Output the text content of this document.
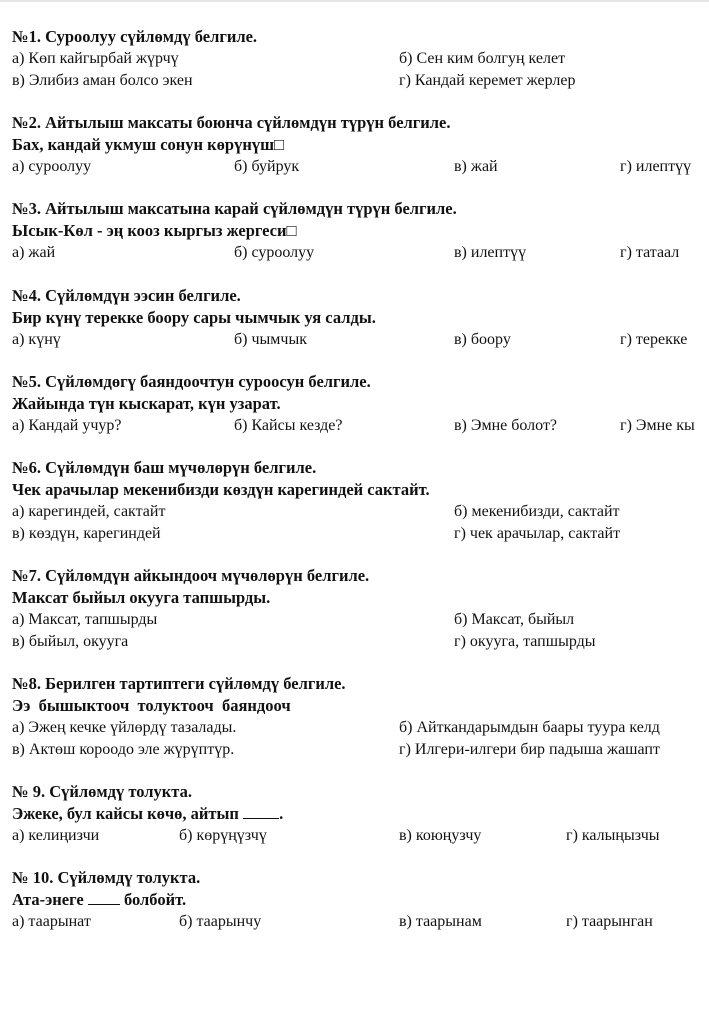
№1. Суроолуу сүйлөмдү белгиле.
а) Көп кайгырбай жүрчү	б) Сен ким болгуң келет
в) Элибиз аман болсо экен	г) Кандай керемет жерлер
№2. Айтылыш максаты боюнча сүйлөмдүн түрүн белгиле.
Бах, кандай укмуш сонун көрүнүш□
а) суроолуу	б) буйрук	в) жай	г) илептүү
№3. Айтылыш максатына карай сүйлөмдүн түрүн белгиле.
Ысык-Көл - эң кооз кыргыз жергеси□
а) жай	б) суроолуу	в) илептүү	г) татаал
№4. Сүйлөмдүн ээсин белгиле.
Бир күнү терекке боору сары чымчык уя салды.
а) күнү	б) чымчык	в) боору	г) терекке
№5. Сүйлөмдөгү баяндоочтун суроосун белгиле.
Жайында түн кыскарат, күн узарат.
а) Кандай учур?	б) Кайсы кезде?	в) Эмне болот?	г) Эмне кы
№6. Сүйлөмдүн баш мүчөлөрүн белгиле.
Чек арачылар мекенибизди көздүн карегиндей сактайт.
а) карегиндей, сактайт	б) мекенибизди, сактайт
в) көздүн, карегиндей	г) чек арачылар, сактайт
№7. Сүйлөмдүн айкындооч мүчөлөрүн белгиле.
Максат быйыл окууга тапшырды.
а) Максат, тапшырды	б) Максат, быйыл
в) быйыл, окууга	г) окууга, тапшырды
№8. Берилген тартиптеги сүйлөмдү белгиле.
Ээ  бышыктооч  толуктооч  баяндооч
а) Эжең кечке үйлөрдү тазалады.	б) Айткандарымдын баары туура келд
в) Актөш короодо эле жүрүптүр.	г) Илгери-илгери бир падыша жашапт
№ 9. Сүйлөмдү толукта.
Эжеке, бул кайсы көчө, айтып .
а) келиңизчи	б) көрүңүзчү	в) коюңузчу	г) калыңызчы
№ 10. Сүйлөмдү толукта.
Ата-энеге  болбойт.
а) таарынат	б) таарынчу	в) таарынам	г) таарынган
